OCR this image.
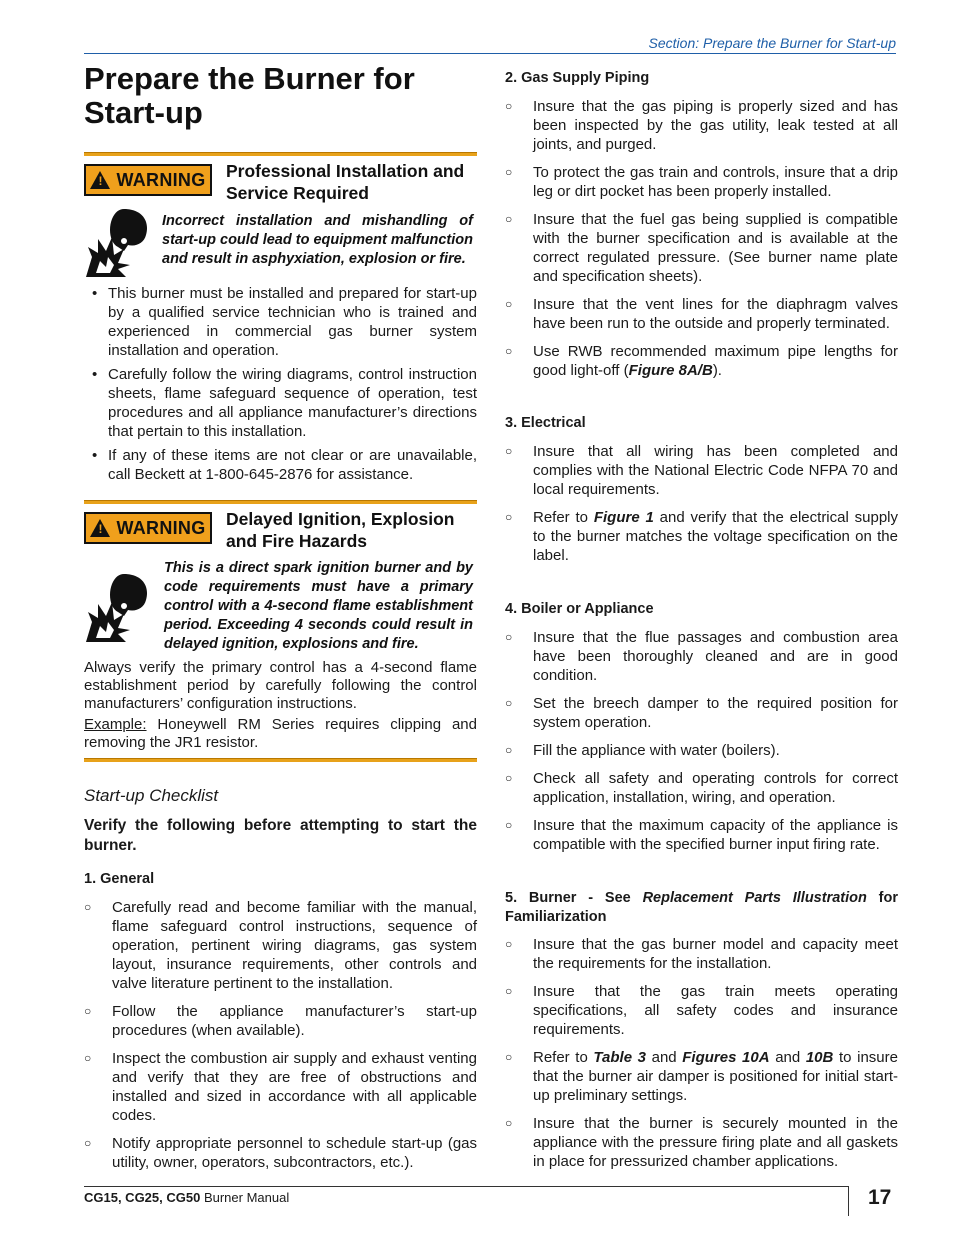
Section: Prepare the Burner for Start-up
Prepare the Burner for Start-up
!
WARNING Professional Installation and Service Required
Incorrect installation and mishandling of start-up could lead to equipment malfunction and result in asphyxiation, explosion or fire.
• This burner must be installed and prepared for start-up by a qualified service technician who is trained and experienced in commercial gas burner system installation and operation.
• Carefully follow the wiring diagrams, control instruction sheets, flame safeguard sequence of operation, test procedures and all appliance manufacturer’s directions that pertain to this installation.
• If any of these items are not clear or are unavailable, call Beckett at 1-800-645-2876 for assistance.
!
WARNING Delayed Ignition, Explosion and Fire Hazards
This is a direct spark ignition burner and by code requirements must have a primary control with a 4-second flame establishment period. Exceeding 4 seconds could result in delayed ignition, explosions and fire.
Always verify the primary control has a 4-second flame establishment period by carefully following the control manufacturers’ configuration instructions.
Example: Honeywell RM Series requires clipping and removing the JR1 resistor.
Start-up Checklist
Verify the following before attempting to start the burner.
1. General
○ Carefully read and become familiar with the manual, flame safeguard control instructions, sequence of operation, pertinent wiring diagrams, gas system layout, insurance requirements, other controls and valve literature pertinent to the installation.
○ Follow the appliance manufacturer’s start-up procedures (when available).
○ Inspect the combustion air supply and exhaust venting and verify that they are free of obstructions and installed and sized in accordance with all applicable codes.
○ Notify appropriate personnel to schedule start-up (gas utility, owner, operators, subcontractors, etc.).
2. Gas Supply Piping
○ Insure that the gas piping is properly sized and has been inspected by the gas utility, leak tested at all joints, and purged.
○ To protect the gas train and controls, insure that a drip leg or dirt pocket has been properly installed.
○ Insure that the fuel gas being supplied is compatible with the burner specification and is available at the correct regulated pressure. (See burner name plate and specification sheets).
○ Insure that the vent lines for the diaphragm valves have been run to the outside and properly terminated.
○ Use RWB recommended maximum pipe lengths for good light-off (Figure 8A/B).
3. Electrical
○ Insure that all wiring has been completed and complies with the National Electric Code NFPA 70 and local requirements.
○ Refer to Figure 1 and verify that the electrical supply to the burner matches the voltage specification on the label.
4. Boiler or Appliance
○ Insure that the flue passages and combustion area have been thoroughly cleaned and are in good condition.
○ Set the breech damper to the required position for system operation.
○ Fill the appliance with water (boilers).
○ Check all safety and operating controls for correct application, installation, wiring, and operation.
○ Insure that the maximum capacity of the appliance is compatible with the specified burner input firing rate.
5. Burner - See Replacement Parts Illustration for Familiarization
○ Insure that the gas burner model and capacity meet the requirements for the installation.
○ Insure that the gas train meets operating specifications, all safety codes and insurance requirements.
○ Refer to Table 3 and Figures 10A and 10B to insure that the burner air damper is positioned for initial start-up preliminary settings.
○ Insure that the burner is securely mounted in the appliance with the pressure firing plate and all gaskets in place for pressurized chamber applications.
CG15, CG25, CG50 Burner Manual	17
